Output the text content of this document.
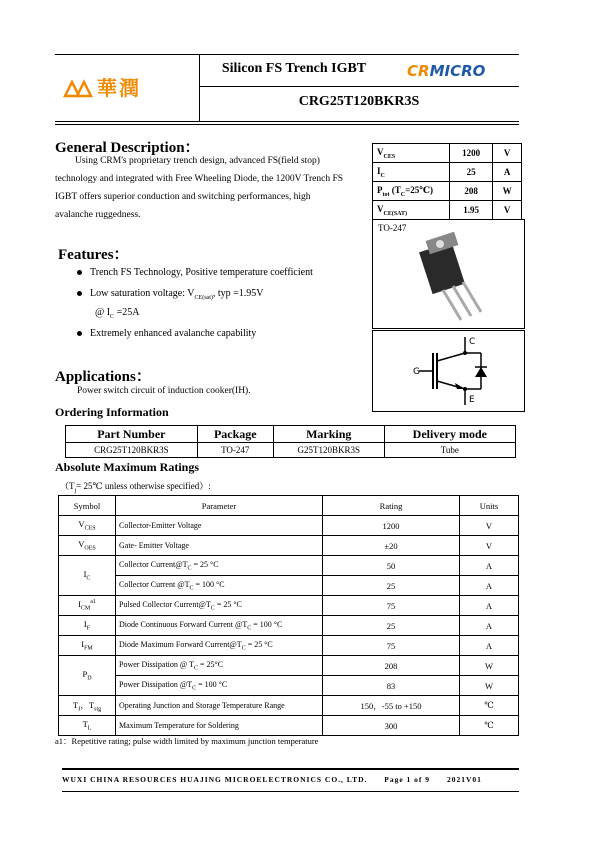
華潤
Silicon FS Trench IGBT	CRMICRO
CRG25T120BKR3S
General Description：
Using CRM's proprietary trench design, advanced FS(field stop)
technology and integrated with Free Wheeling Diode, the 1200V Trench FS
IGBT offers superior conduction and switching performances, high
avalanche ruggedness.
$V_{CES}$	1200	V
$I_C$	25	A
$P_{tot}$ $(T_C=25℃)$	208	W
$V_{CE(SAT)}$	1.95	V
TO-247
C
G
E
Features：
Trench FS Technology, Positive temperature coefficient
Low saturation voltage: $V_{CE(sat)}$, typ =1.95V
@ $I_C =25A$
Extremely enhanced avalanche capability
Applications：
Power switch circuit of induction cooker(IH).
Ordering Information
Part Number	Package	Marking	Delivery mode
CRG25T120BKR3S	TO-247	G25T120BKR3S	Tube
Absolute Maximum Ratings
（$T_j=$ 25℃ unless otherwise specified）:
Symbol	Parameter	Rating	Units
$V_{CES}$	Collector-Emitter Voltage	1200	V
$V_{OES}$	Gate- Emitter Voltage	±20	V
$I_C$	Collector $Current@T_C = 25$ °C	50	A
	Collector Current $@T_C = 100$ °C	25	A
$I_{CM}^{a1}$	Pulsed Collector $Current@T_C = 25$ °C	75	A
$I_F$	Diode Continuous Forward Current $@T_C = 100$ °C	25	A
$I_{FM}$	Diode Maximum Forward $Current@T_C = 25$ °C	75	A
$P_D$	Power Dissipation @ $T_C = 25^\circ C$	208	W
	Power Dissipation $@T_C = 100$ °C	83	W
$T_J$，$T_{stg}$	Operating Junction and Storage Temperature Range	150，-55 to +150	℃
$T_L$	Maximum Temperature for Soldering	300	℃
a1：Repetitive rating; pulse width limited by maximum junction temperature
WUXI CHINA RESOURCES HUAJING MICROELECTRONICS CO., LTD. Page 1 of 9 2021V01
